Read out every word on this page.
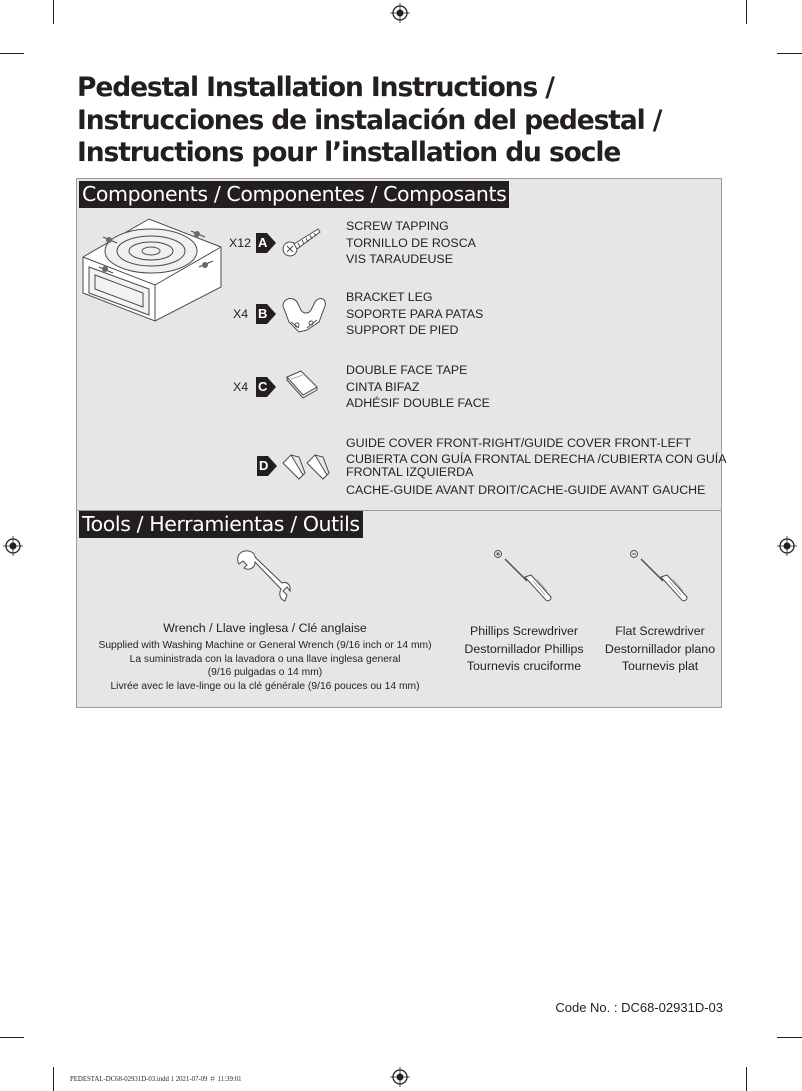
Pedestal Installation Instructions / Instrucciones de instalación del pedestal / Instructions pour l’installation du socle
Components / Componentes / Composants
X12 A
SCREW TAPPING
TORNILLO DE ROSCA
VIS TARAUDEUSE
X4 B
BRACKET LEG
SOPORTE PARA PATAS
SUPPORT DE PIED
X4 C
DOUBLE FACE TAPE
CINTA BIFAZ
ADHÉSIF DOUBLE FACE
D
GUIDE COVER FRONT-RIGHT/GUIDE COVER FRONT-LEFT
CUBIERTA CON GUÍA FRONTAL DERECHA /CUBIERTA CON GUÍA
FRONTAL IZQUIERDA
CACHE-GUIDE AVANT DROIT/CACHE-GUIDE AVANT GAUCHE
Tools / Herramientas / Outils
Wrench / Llave inglesa / Clé anglaise
Supplied with Washing Machine or General Wrench (9/16 inch or 14 mm)
La suministrada con la lavadora o una llave inglesa general
(9/16 pulgadas o 14 mm)
Livrée avec le lave-linge ou la clé générale (9/16 pouces ou 14 mm)
Phillips Screwdriver
Destornillador Phillips
Tournevis cruciforme
Flat Screwdriver
Destornillador plano
Tournevis plat
Code No. : DC68-02931D-03
PEDESTAL-DC68-02931D-03.indd 1 2021-07-09 ＃ 11:39:01
